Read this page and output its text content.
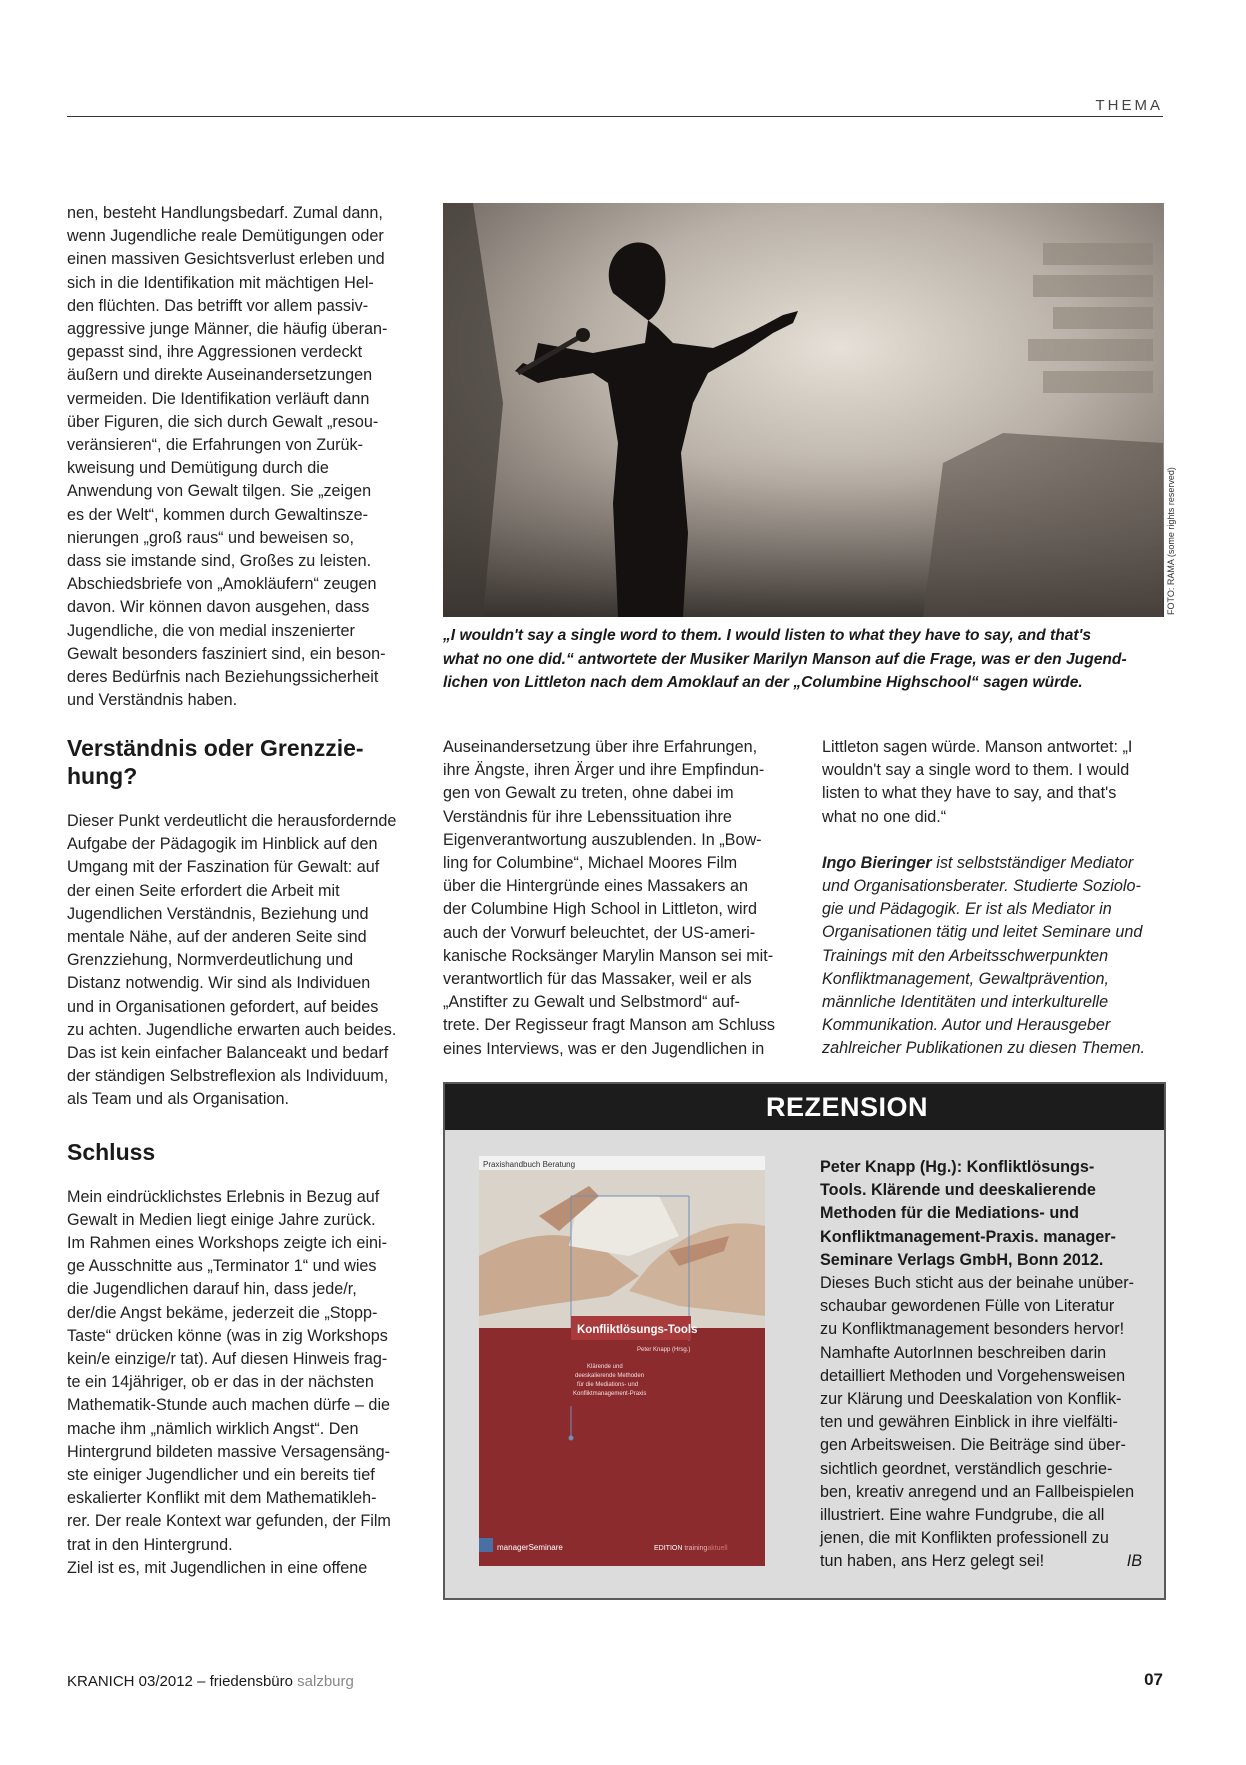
THEMA

nen, besteht Handlungsbedarf. Zumal dann,

wenn Jugendliche reale Demütigungen oder

einen massiven Gesichtsverlust erleben und

sich in die Identifikation mit mächtigen Hel-

den flüchten. Das betrifft vor allem passiv-

aggressive junge Männer, die häufig überan-

gepasst sind, ihre Aggressionen verdeckt

äußern und direkte Auseinandersetzungen

vermeiden. Die Identifikation verläuft dann

über Figuren, die sich durch Gewalt „resou-

veränsieren“, die Erfahrungen von Zurük-

kweisung und Demütigung durch die

Anwendung von Gewalt tilgen. Sie „zeigen

es der Welt“, kommen durch Gewaltinsze-

nierungen „groß raus“ und beweisen so,

dass sie imstande sind, Großes zu leisten.

Abschiedsbriefe von „Amokläufern“ zeugen

davon. Wir können davon ausgehen, dass

Jugendliche, die von medial inszenierter

Gewalt besonders fasziniert sind, ein beson-

deres Bedürfnis nach Beziehungssicherheit

und Verständnis haben.

Verständnis oder Grenzzie-
hung?

Dieser Punkt verdeutlicht die herausfordernde

Aufgabe der Pädagogik im Hinblick auf den

Umgang mit der Faszination für Gewalt: auf

der einen Seite erfordert die Arbeit mit

Jugendlichen Verständnis, Beziehung und

mentale Nähe, auf der anderen Seite sind

Grenzziehung, Normverdeutlichung und

Distanz notwendig. Wir sind als Individuen

und in Organisationen gefordert, auf beides

zu achten. Jugendliche erwarten auch beides.

Das ist kein einfacher Balanceakt und bedarf

der ständigen Selbstreflexion als Individuum,

als Team und als Organisation.

Schluss

Mein eindrücklichstes Erlebnis in Bezug auf

Gewalt in Medien liegt einige Jahre zurück.

Im Rahmen eines Workshops zeigte ich eini-

ge Ausschnitte aus „Terminator 1“ und wies

die Jugendlichen darauf hin, dass jede/r,

der/die Angst bekäme, jederzeit die „Stopp-

Taste“ drücken könne (was in zig Workshops

kein/e einzige/r tat). Auf diesen Hinweis frag-

te ein 14jähriger, ob er das in der nächsten

Mathematik-Stunde auch machen dürfe – die

mache ihm „nämlich wirklich Angst“. Den

Hintergrund bildeten massive Versagensäng-

ste einiger Jugendlicher und ein bereits tief

eskalierter Konflikt mit dem Mathematiklеh-

rer. Der reale Kontext war gefunden, der Film

trat in den Hintergrund.

Ziel ist es, mit Jugendlichen in eine offene

FOTO: RAMA (some rights reserved)
„I wouldn't say a single word to them. I would listen to what they have to say, and that's
what no one did.“ antwortete der Musiker Marilyn Manson auf die Frage, was er den Jugend-
lichen von Littleton nach dem Amoklauf an der „Columbine Highschool“ sagen würde.

Auseinandersetzung über ihre Erfahrungen,

ihre Ängste, ihren Ärger und ihre Empfindun-

gen von Gewalt zu treten, ohne dabei im

Verständnis für ihre Lebenssituation ihre

Eigenverantwortung auszublenden. In „Bow-

ling for Columbine“, Michael Moores Film

über die Hintergründe eines Massakers an

der Columbine High School in Littleton, wird

auch der Vorwurf beleuchtet, der US-ameri-

kanische Rocksänger Marylin Manson sei mit-

verantwortlich für das Massaker, weil er als

„Anstifter zu Gewalt und Selbstmord“ auf-

trete. Der Regisseur fragt Manson am Schluss

eines Interviews, was er den Jugendlichen in

Littleton sagen würde. Manson antwortet: „I

wouldn't say a single word to them. I would

listen to what they have to say, and that's

what no one did.“

Ingo Bieringer ist selbstständiger Mediator

und Organisationsberater. Studierte Soziolo-

gie und Pädagogik. Er ist als Mediator in

Organisationen tätig und leitet Seminare und

Trainings mit den Arbeitsschwerpunkten

Konfliktmanagement, Gewaltprävention,

männliche Identitäten und interkulturelle

Kommunikation. Autor und Herausgeber

zahlreicher Publikationen zu diesen Themen.

REZENSION
Praxishandbuch Beratung
Konfliktlösungs-Tools
Peter Knapp (Hrsg.)
Klärende und
deeskalierende Methoden
für die Mediations- und
Konfliktmanagement-Praxis
managerSeminare	EDITION trainingaktuell
Peter Knapp (Hg.): Konfliktlösungs-
Tools. Klärende und deeskalierende
Methoden für die Mediations- und
Konfliktmanagement-Praxis. manager-
Seminare Verlags GmbH, Bonn 2012.
Dieses Buch sticht aus der beinahe unüber-
schaubar gewordenen Fülle von Literatur
zu Konfliktmanagement besonders hervor!
Namhafte AutorInnen beschreiben darin
detailliert Methoden und Vorgehensweisen
zur Klärung und Deeskalation von Konflik-
ten und gewähren Einblick in ihre vielfälti-
gen Arbeitsweisen. Die Beiträge sind über-
sichtlich geordnet, verständlich geschrie-
ben, kreativ anregend und an Fallbeispielen
illustriert. Eine wahre Fundgrube, die all
jenen, die mit Konflikten professionell zu
tun haben, ans Herz gelegt sei!	IB
KRANICH 03/2012 – friedensbüro salzburg	07
